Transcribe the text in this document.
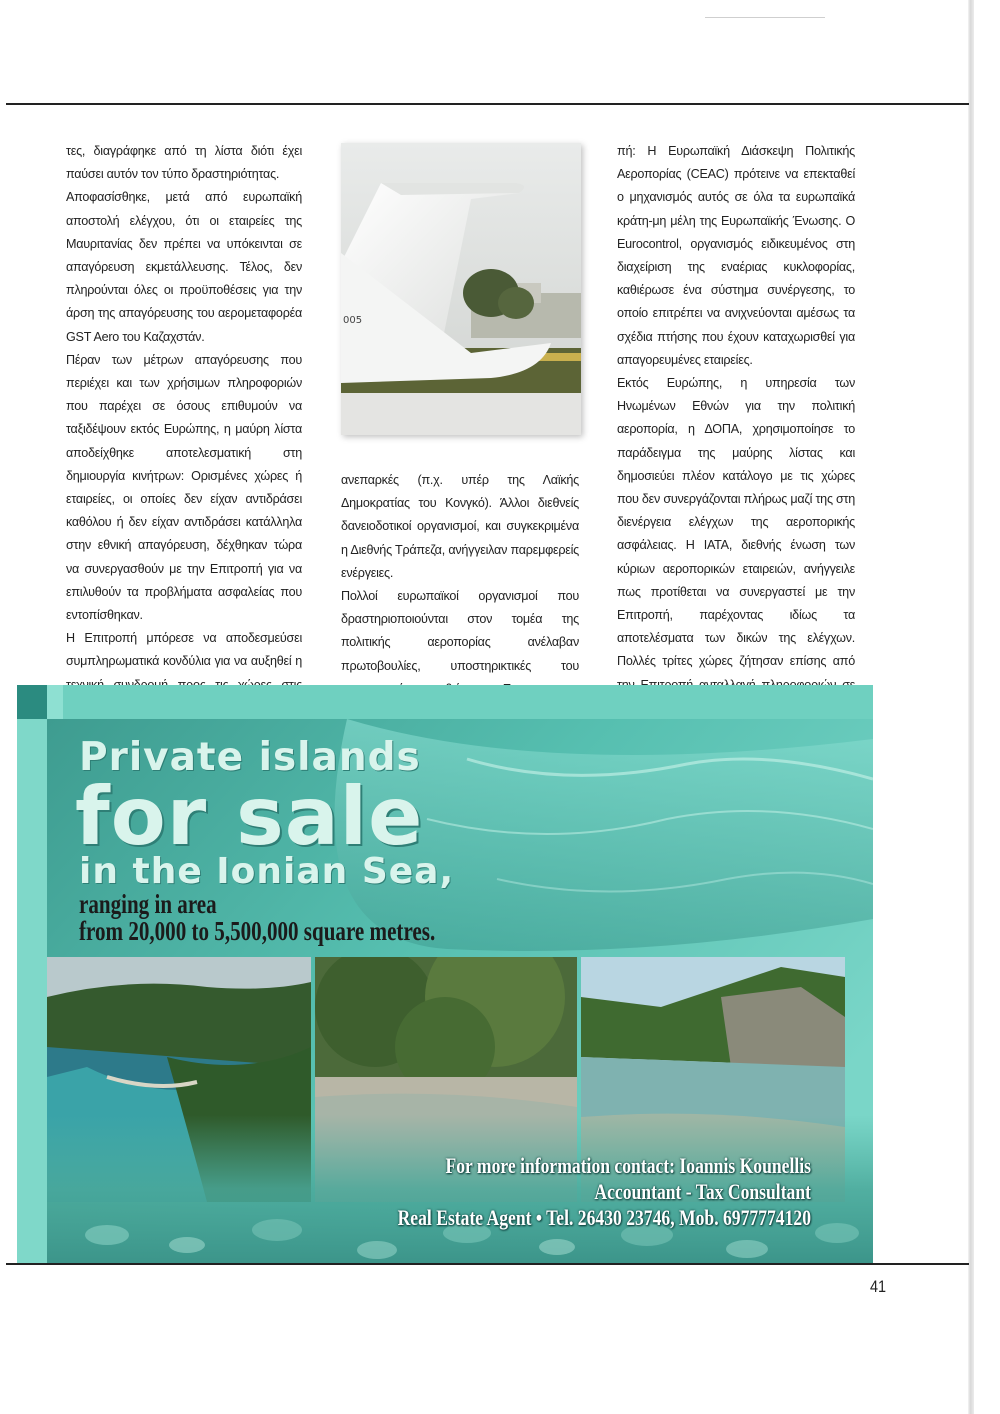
τες, διαγράφηκε από τη λίστα διότι έχει παύσει αυτόν τον τύπο δραστηριότητας.

Αποφασίσθηκε, μετά από ευρωπαϊκή αποστολή ελέγχου, ότι οι εταιρείες της Μαυριτανίας δεν πρέπει να υπόκεινται σε απαγόρευση εκμετάλλευσης. Τέλος, δεν πληρούνται όλες οι προϋποθέσεις για την άρση της απαγόρευσης του αερομεταφορέα GST Aero του Καζαχστάν.

Πέραν των μέτρων απαγόρευσης που περιέχει και των χρήσιμων πληροφοριών που παρέχει σε όσους επιθυμούν να ταξιδέψουν εκτός Ευρώπης, η μαύρη λίστα αποδείχθηκε αποτελεσματική στη δημιουργία κινήτρων: Ορισμένες χώρες ή εταιρείες, οι οποίες δεν είχαν αντιδράσει καθόλου ή δεν είχαν αντιδράσει κατάλληλα στην εθνική απαγόρευση, δέχθηκαν τώρα να συνεργασθούν με την Επιτροπή για να επιλυθούν τα προβλήματα ασφαλείας που εντοπίσθηκαν.

Η Επιτροπή μπόρεσε να αποδεσμεύσει συμπληρωματικά κονδύλια για να αυξηθεί η

005

ανεπαρκές (π.χ. υπέρ της Λαϊκής Δημοκρατίας του Κονγκό). Άλλοι διεθνείς δανειοδοτικοί οργανισμοί, και συγκεκριμένα η Διεθνής Τράπεζα, ανήγγειλαν παρεμφερείς ενέργειες.

Πολλοί ευρωπαϊκοί οργανισμοί που δραστηριοποιούνται στον τομέα της πολιτικής αεροπορίας ανέλαβαν πρωτοβουλίες, υποστηρικτικές του

πή: Η Ευρωπαϊκή Διάσκεψη Πολιτικής Αεροπορίας (CEAC) πρότεινε να επεκταθεί ο μηχανισμός αυτός σε όλα τα ευρωπαϊκά κράτη-μη μέλη της Ευρωπαϊκής Ένωσης. Ο Eurocontrol, οργανισμός ειδικευμένος στη διαχείριση της εναέριας κυκλοφορίας, καθιέρωσε ένα σύστημα συνέργεσης, το οποίο επιτρέπει να ανιχνεύονται αμέσως τα σχέδια πτήσης που έχουν καταχωρισθεί για απαγορευμένες εταιρείες.

Εκτός Ευρώπης, η υπηρεσία των Ηνωμένων Εθνών για την πολιτική αεροπορία, η ΔΟΠΑ, χρησιμοποίησε το παράδειγμα της μαύρης λίστας και δημοσιεύει πλέον κατάλογο με τις χώρες που δεν συνεργάζονται πλήρως μαζί της στη διενέργεια ελέγχων της αεροπορικής ασφάλειας. Η ΙΑΤΑ, διεθνής ένωση των κύριων αεροπορικών εταιρειών, ανήγγειλε πως προτίθεται να συνεργαστεί με την Επιτροπή, παρέχοντας ιδίως τα αποτελέσματα των δικών της ελέγχων. Πολλές τρίτες χώρες ζήτησαν επίσης από

Private islands
for sale
in the Ionian Sea,

ranging in area
from 20,000 to 5,500,000 square metres.

For more information contact: Ioannis Kounellis
Accountant - Tax Consultant
Real Estate Agent • Tel. 26430 23746, Mob. 6977774120

41
